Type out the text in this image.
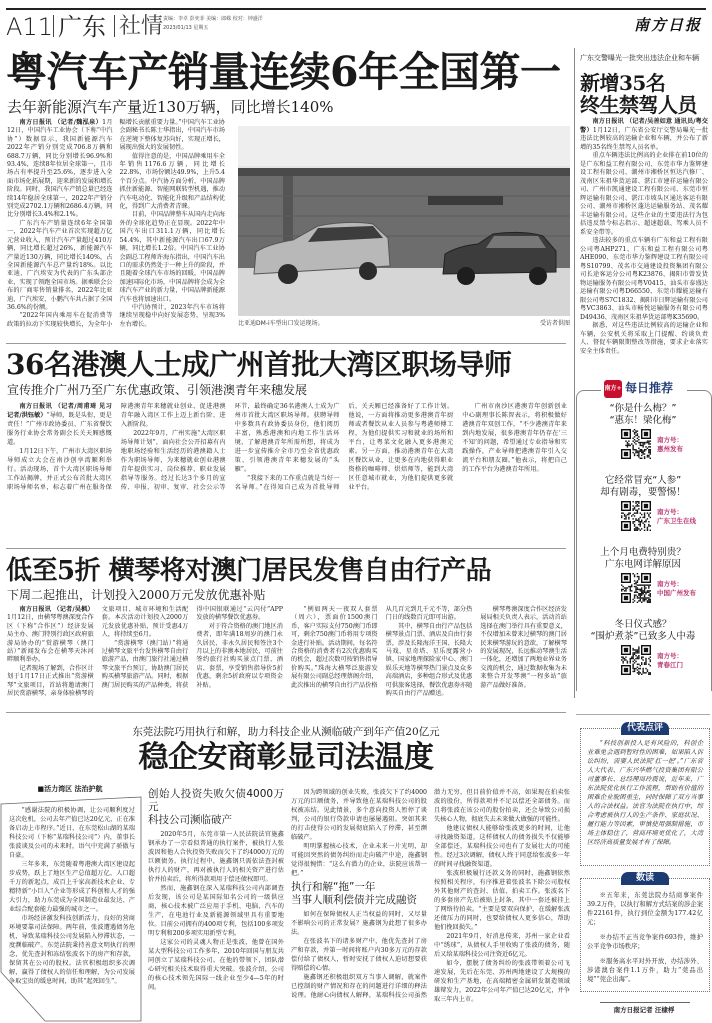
A11 广东 社情 责编：李卓 彭奕菲 美编：郎嵘 校对：钟盛洋
2023/01/13 星期五	南方日报
粤汽车产销量连续6年全国第一
去年新能源汽车产量近130万辆，同比增长140%

南方日报讯 （记者/魏泓泉）1月12日，中国汽车工业协会（下称“中汽协”）数据显示，我国新能源汽车2022年产销分别完成706.8万辆和688.7万辆，同比分别增长96.9%和93.4%，连续8年位居全球第一，且市场占有率提升至25.6%，逐步进入全面市场化拓展期，迎来新的发展和增长阶段。同时，我国汽车产销总量已经连续14年稳居全球第一，2022年产销分别完成2702.1万辆和2686.4万辆，同比分别增长3.4%和2.1%。

广东汽车产销量连续6年全国第一，2022年汽车产业首次实现超万亿元营业收入，预计汽车产量超过410万辆，同比增长超过26%，新能源汽车产量近130万辆，同比增长140%，占全国新能源汽车总产量约18%。以比亚迪、广汽埃安为代表的广东头部企业，实现了领跑全国市场。据乘联会公布的厂商零售销量排名，2022年比亚迪、广汽埃安、小鹏汽车共占据了全国36.6%的份额。

“2022年国内乘用车在促消费等政策的拉动下实现较快增长，为全年小幅增长贡献重要力量。”中国汽车工业协会副秘书长陈士华指出，中国汽车市场在逆境下整体复苏向好，实现正增长，展现出强大的发展韧性。

值得注意的是，中国品牌乘用车全年销售1176.6万辆，同比增长22.8%，市场份额达49.9%，上升5.4个百分点。中汽协方面分析，中国品牌抓住新能源、智能网联转型机遇，推动汽车电动化、智能化升级和产品结构优化，得到广大消费者青睐。

目前，中国品牌整车从国内走向海外的全球化趋势正在显现。2022年中国汽车出口311.1万辆，同比增长54.4%，其中新能源汽车出口67.9万辆，同比增长1.2倍。中国汽车工业协会副总工程师许海东指出，中国汽车出口的需求仍然处于一种上升的阶段，并且随着全球汽车市场的回暖，中国品牌加速国际化市场，中国品牌将会成为全球汽车产业的新力量，中国品牌新能源汽车也将加速出口。

中汽协预计，2023年汽车市场将继续呈现稳中向好发展态势，呈现3%左右增长。	比亚迪DM-i车型出口发运现场。	受访者供图
36名港澳人士成广州首批大湾区职场导师
宣传推介广州乃至广东优惠政策、引领港澳青年来穗发展

南方日报讯 （记者/周甫琦 见习记者/洪钰敏）“导师，既是头衔，更是责任！”广州市政协委员、广东省餐饮服务行业协会常务副会长关天厢感慨道。

1月12日下午，广州市大湾区职场导师成立大会在南沙创享湾顺利举行。活动现场，首个大湾区职场导师工作站揭牌，并正式公布首批大湾区职场导师名单，标志着广州在服务保障港澳青年来穗就业创业、促进港澳青年融入湾区工作上迈上新台阶、进入新阶段。

2022年9月，广州实施“大湾区职场导师计划”，面向社会公开招募有内地职场经验和生活经历的港澳籍人士作为职场导师，为来穗就业创业港澳青年提供实习、岗位推荐、职业发展指导等服务。经过长达3个多月的宣传、申报、初审、复审、社会公示等环节，最终确定36名港澳人士成为广州市首批大湾区职场导师。获聘导师中多数具有政协委员身份，他们阅历丰富，熟悉港澳和内地工作生活环境，了解港澳青年所需所想，将成为进一步宣传推介全市乃至全省优惠政策、引领港澳青年来穗发展的“头雁”。

“我接下来的工作重点就是当好一名导师。”在得知自己成为首批导师后，关天厢已经准备好了工作计划。他说，一方面将推动更多港澳青年厨师或者餐饮从业人员参与粤港师傅工程，为他们提供实习和就业的场所和平台，让粤菜文化融入更多港澳元素。另一方面，推动港澳青年在大湾区餐饮从业，让更多在内地获得职业资格的咖啡师、烘焙师等，能到大湾区任意城市就业，为他们提供更多就业平台。

广州市南沙区港澳青年创新创业中心副理事长陈智表示，将积极做好港澳青年双创工作，“不少港澳青年来到内地发展，很多港澳青年仍存在‘三不知’的问题，希望通过专业指导和实践操作，产业导师把港澳青年引入交流平台和朋友圈。”他表示，将把自己的工作平台为港澳青年所用。

低至5折 横琴将对澳门居民发售自由行产品
下周二起推出，计划投入2000万元发放优惠补贴

南方日报讯 （记者/吴枫）1月12日，由横琴粤澳深度合作区（下称“合作区”）经济发展局主办、澳门特别行政区政府旅游局协办的“赏游横琴（澳门站）”新闻发布会在横琴天沐河畔顺利举办。

记者现场了解到，合作区计划于1月17日正式推出“赏游横琴”文旅项目，首站将邀请澳门居民赏游横琴，亲身体验横琴的文旅项目、城市环境和生活配套。本次活动计划投入2000万元发放优惠补贴，预计受惠4万人，将持续至6月。

“赏游横琴（澳门站）”将通过横琴文旅平台发售横琴自由行旅游产品，由澳门旅行社通过横琴文旅平台预订，协助澳门居民购买横琴旅游产品。同时，根据澳门居民购买的产品种类，将获得中国银联通过“云闪付”APP发放的横琴餐饮优惠券。

对于符合资格的澳门地区消费者，即年满18周岁的澳门永久居民、非永久居民和签注3个月以上的非澳本地居民，可前往签约旅行社购买景点门票、酒店、套票，享受销售指导价5折优惠，剩余5折政府以专项资金补贴。

“例如两天一夜双人套票（周六），票面价1500澳门币，客户实际支付750澳门币即可，剩余750澳门币将用专项资金进行补贴。活动期间，每名符合资格的消费者有2次优惠购买的机会，超过次数可按销售指导价购买。”珠海大横琴泛旅游发展有限公司副总经理蔡阁介绍，此次推出的横琴自由行产品价格从几百元到几千元不等，部分热门日的线数百元即可出游。

其中，横琴自由行产品包括横琴景点门票、酒店及自由行套票，涉及长隆海洋王国、长隆大马戏、星奇塔、星乐度露营小镇、国家地理探险家中心、澳门娱乐天地等横琴热门景点及众多高端酒店，多种组合形式及优惠可供旅客选择，餐饮优惠券亦随购买自由行产品赠送。

横琴粤澳深度合作区经济发展局相关负责人表示，活动首站选择在澳门举行具有重要意义，不仅增加未曾来过横琴的澳门居民来横琴游玩的意欲，了解横琴的发展现况，长远推动琴澳生活一体化，还增加了两地业界业务交流的机会，通过数据收集为未来整合开发琴澳“一程多站”旅游产品做好准备。

东莞法院巧用执行和解，助力科技企业从濒临破产到年产值20亿元
稳企安商彰显司法温度
■活力湾区 法治护航

“感谢法院的积极协调，让公司顺利度过这次危机，公司去年产值已达20亿元，正在准备启动上市程序。”近日，在东莞松山湖的某瑞科技公司（下称“某瑞科技公司”）内，董事长张波谈及公司的未来时，语气中充满了骄傲与自豪。

三年多来，东莞随着粤港澳大湾区建设起步成势，跃上了地区生产总值超万亿、人口超千万的新起点，成百上千家高新技术企业、专精特新“小巨人”企业等形成了科创和人才的强大引力，助力东莞成为全国制造业最发达、产业综合配套能力最强的城市之一。

市场经济激发科技创新活力，良好的营商环境要靠司法保障。两年前，张波遭遇债务危机，导致某瑞科技公司发展陷入停滞状态，一度濒临破产。东莞法院秉持善意文明执行的理念，优先查封和冻结张波名下的房产和存款，保留其在公司的股权。法官积极组织多次调解，赢得了债权人的信任和理解，为公司发展争取宝贵的缓息时间，助其“起死回生”。

创始人投资失败欠债4000万元
科技公司濒临破产

2020年5月，东莞市第一人民法院法官施鑫钢承办了一宗看似普通的执行案件，被执行人张波因和他人合伙投资失败而欠下了约4000万元的巨额债务。执行过程中，施鑫钢只需依法查封被执行人的财产，再对被执行人的相关资产进行估价并拍卖后，将所得款项用于偿还债权即可。

然而，施鑫钢在深入某瑞科技公司内部调查后发现，该公司是某国际知名公司的一级供应商，核心技术被广泛应用于手机、电脑、汽车的生产，在电池行业及新能源领域里具有重要地位。目前公司拥有的400项专利，包括100多项发明专利和200多项实用新型专利。

这家公司的灵魂人物正是张波，他曾在国外某大型科技公司工作多年，2010年回国与朋友共同创立了某瑞科技公司。在他的带领下，团队潜心研究相关技术取得重大突破。张波介绍，公司的核心技术领先国际一线企业至少4—5年的时间。

因为跨领域的创业失败，张波欠下了约4000万元的巨额债务，并导致他在某瑞科技公司的股权被冻结。见此情景，多个意向投资人暂停了谈判，公司的银行贷款申请也屡屡遇阻。突如其来的打击使得公司的发展彻底陷入了停滞，甚至濒临破产。

明明掌握核心技术，企业未来一片光明，却可能因突然的债务纠纷而走向破产中途，施鑫钢觉得很惋惜：“这么有潜力的企业，法院应该帮一把。”

执行和解“拖”一年
当事人顺利偿债并完成融资

如何在保障债权人正当权益的同时，又尽量不影响公司的正常发展？施鑫钢为此想了很多办法。

在张波名下的诸多财产中，他优先查封了房产和存款，并第一时间将账户内30多万元的存款偿付给了债权人，暂时安抚了债权人迫切想要获得赔偿的心情。

施鑫钢还积极组织双方当事人调解，就案件已控制的财产情况和存在的问题进行详细的释法说理。他耐心向债权人解释，某瑞科技公司虽然潜力无穷，但目前价值并不高，如果现在拍卖张波的股份，所得款项并不足以偿还全部债务。而且将张波在该公司的股份拍卖，还会导致公司损失核心人物，彻底失去未来做大做强的可能性。

他建议债权人能够给张波更多的时间，让他寻找融资渠道，这样债权人的债务损失不仅能够全部偿还，某瑞科技公司也有了发展壮大的可能性。经过3次调解，债权人终于同意给张波多一年的时间寻找融资渠道。

张波积极履行还款义务的同时，施鑫钢依然按照相关程序，有序推进着张波名下除公司股权外其他财产的查封、估值、拍卖工作。张波名下的多套房产先后被贴上封条，其中一套还被挂上了网络待拍卖。“主要是要双向保护，在缓解张波还债压力的同时，也要给债权人更多信心，帮助他们挽回损失。”

2021年9月，好消息传来，苏州一家企业看中“绣球”，从债权人手里收购了张波的债务，随后又给某瑞科技公司注资近6亿元。

如今，摆脱了债务纠纷的张波带领着公司飞速发展，先后在东莞、苏州两地建设了大规模的研发和生产基地，在高端精密金属研发制造领域雄辩发力，2022年公司年产值已达20亿元，并争取三年内上市。

广东交警曝光一批突出违法企业和车辆
新增35名
终生禁驾人员

南方日报讯 （记者/吴善如意 通讯员/粤交警）1月12日，广东省公安厅交警局曝光一批违法比例较高的运输企业和车辆，并公布了新增的35名终生禁驾人员名单。

重点车辆违法比例高的企业排在前10位的是广东和益工程有限公司、东莞市华力鉴辉建设工程有限公司、潮州市湘桥区恒达汽修厂、茂南区朱祖华货运部、湛江市建祥运输有限公司、广州市凯通建设工程有限公司、东莞市恒辉运输有限公司、湛江市坡头区通达客运有限公司、潮州市湘桥区蓬达运输服务站、茂名耀丰运输有限公司。这些企业的主要违法行为包括违反禁令标志指示、超速超载、驾乘人员不系安全带等。

违法较多的重点车辆有广东和益工程有限公司粤AHP271、广东和益工程有限公司粤AHE090、东莞市华力鉴辉建设工程有限公司粤S10799、茂名市交通建设投资集团有限公司长途客运分公司粤K23876、揭阳市曾发货物运输服务有限公司粤V0415、汕头市泰盛达运输有限公司粤D66550、东莞市耀能运输有限公司粤S7C1832、揭阳市日辉运输有限公司粤VC3863、汕头市畅悦运输服务有限公司粤D49436、茂南区朱祖华货运部粤K35690。

据悉，对这些违法比例较高的运输企业和车辆，公安机关将采取上门提醒、约谈负责人、督促车辆限期整改等措施，要求企业落实安全主体责任。

南方+ 每日推荐
“你是什么梅？”
“惠东！梁化梅”
南方号：
惠州发布
它经常冒充“人参”
却有剧毒，要警惕！
南方号：
广东卫生在线
上个月电费特别贵？
广东电网详解原因
南方号：
中国广州发布
冬日仪式感？
“围炉煮茶”已致多人中毒
南方号：
青春江门
代表点评
“科技创新投入是有风险的，科创企业难免会遇到暂时性的困难，如果陷入诉讼纠纷，需要人民法院‘扛一把’。”广东省人大代表、广东兴华燃气投资集团有限公司董事长、总经理周玲震说，近年来，广东法院优化执行工作流程，帮助有价值的困难企业脱困重生，同时保障了双方当事人的合法权益。法官为法院在执行中，综合考虑被执行人的生产条件、家庭状况、履行能力等因素，审慎使用强制措施，市场主体稳住了，营商环境更优化了，大湾区经济高质量发展才有了保障。
数读

※五年来，东莞法院办结商事案件39.2万件，以执行和解方式结案的涉企案件22161件，执行到位金额为177.42亿元；

※办结不正当竞争案件693件，维护公平竞争市场秩序；

※服务高水平对外开放，办结涉外、涉港澳台案件1.1万件，助力“莞品出境”“莞企出海”。

南方日报记者 汪棣桴
